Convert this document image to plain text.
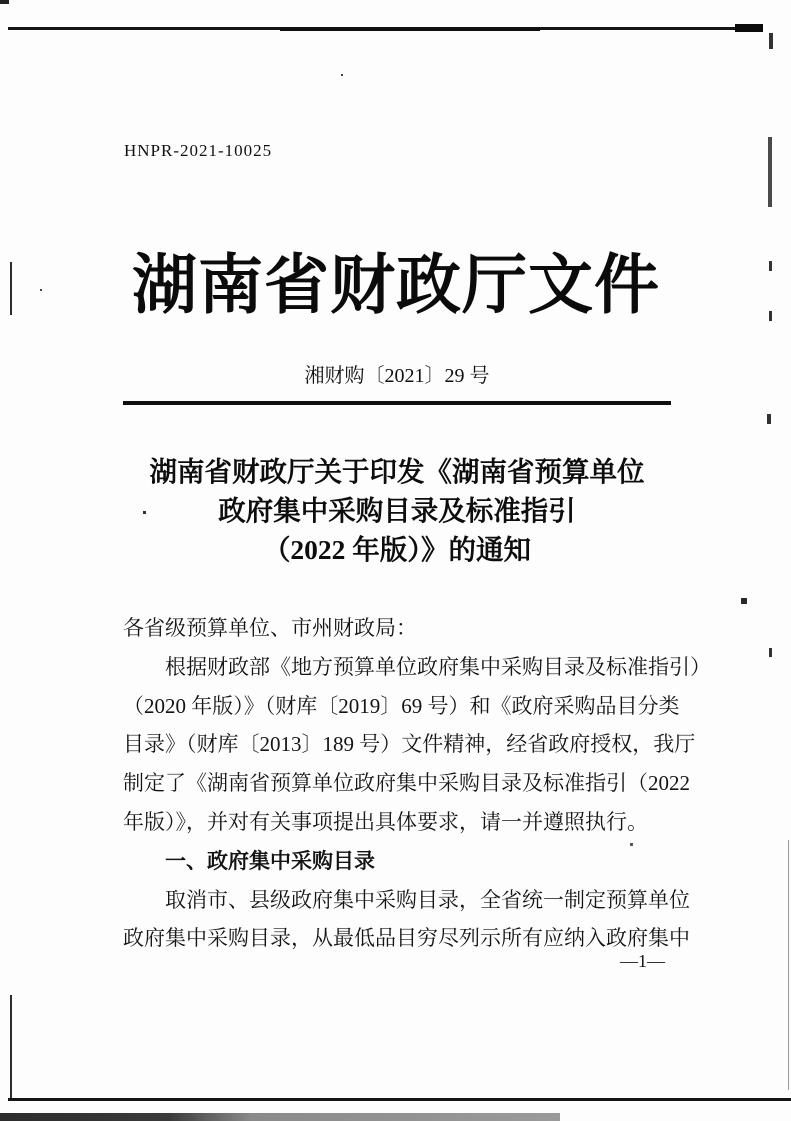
HNPR-2021-10025
湖南省财政厅文件
湘财购〔2021〕29 号
湖南省财政厅关于印发《湖南省预算单位
政府集中采购目录及标准指引
（2022 年版）》的通知
各省级预算单位、市州财政局：
根据财政部《地方预算单位政府集中采购目录及标准指引）
（2020 年版）》（财库〔2019〕69 号）和《政府采购品目分类
目录》（财库〔2013〕189 号）文件精神，经省政府授权，我厅
制定了《湖南省预算单位政府集中采购目录及标准指引（2022
年版）》，并对有关事项提出具体要求，请一并遵照执行。
一、政府集中采购目录
取消市、县级政府集中采购目录，全省统一制定预算单位
政府集中采购目录，从最低品目穷尽列示所有应纳入政府集中
—1—
